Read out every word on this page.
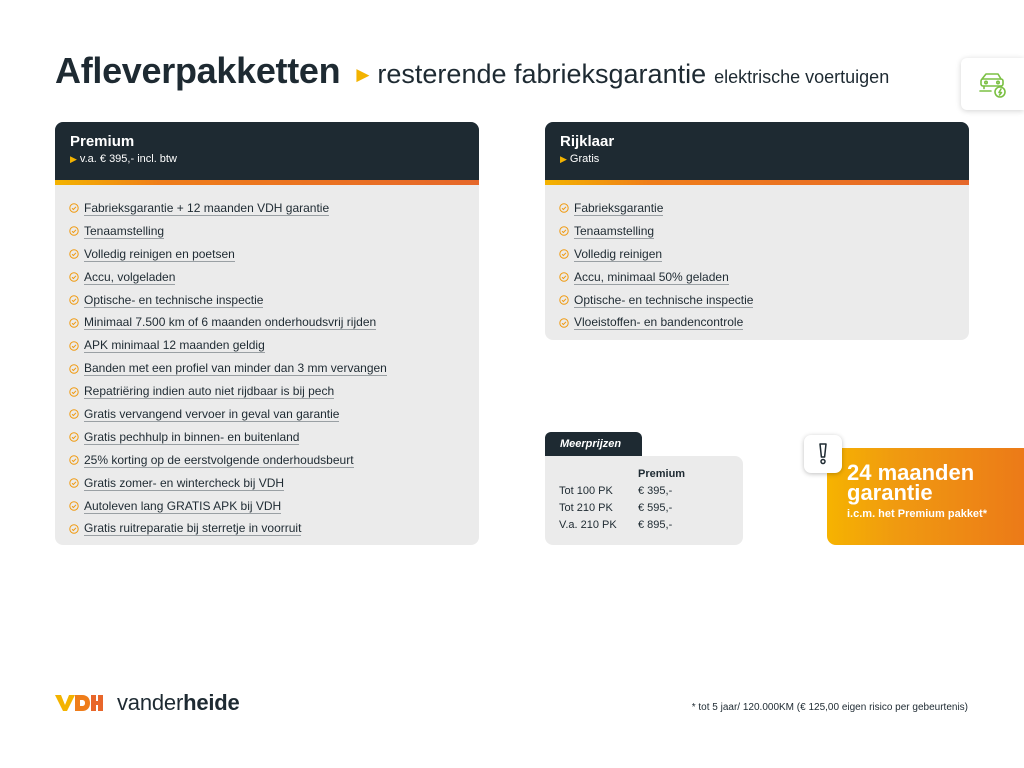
Afleverpakketten ▶ resterende fabrieksgarantie elektrische voertuigen
Premium
▶ v.a. € 395,- incl. btw
Fabrieksgarantie + 12 maanden VDH garantie
Tenaamstelling
Volledig reinigen en poetsen
Accu, volgeladen
Optische- en technische inspectie
Minimaal 7.500 km of 6 maanden onderhoudsvrij rijden
APK minimaal 12 maanden geldig
Banden met een profiel van minder dan 3 mm vervangen
Repatriëring indien auto niet rijdbaar is bij pech
Gratis vervangend vervoer in geval van garantie
Gratis pechhulp in binnen- en buitenland
25% korting op de eerstvolgende onderhoudsbeurt
Gratis zomer- en wintercheck bij VDH
Autoleven lang GRATIS APK bij VDH
Gratis ruitreparatie bij sterretje in voorruit
Rijklaar
▶ Gratis
Fabrieksgarantie
Tenaamstelling
Volledig reinigen
Accu, minimaal 50% geladen
Optische- en technische inspectie
Vloeistoffen- en bandencontrole
Meerprijzen
Premium
Tot 100 PK € 395,-
Tot 210 PK € 595,-
V.a. 210 PK € 895,-
24 maanden garantie
i.c.m. het Premium pakket*
vanderheide	* tot 5 jaar/ 120.000KM (€ 125,00 eigen risico per gebeurtenis)
